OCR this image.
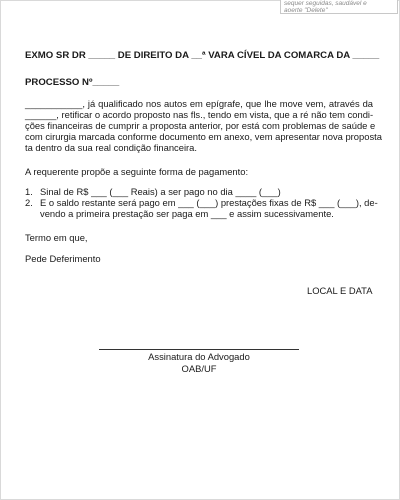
sequer seguidas, saudável e
aoerte "Delete"
EXMO SR DR _____ DE DIREITO DA __ª VARA CÍVEL DA COMARCA DA _____
PROCESSO Nº_____
___________, já qualificado nos autos em epígrafe, que lhe move vem, através da
______, retificar o acordo proposto nas fls., tendo em vista, que a ré não tem condi-
ções financeiras de cumprir a proposta anterior, por está com problemas de saúde e
com cirurgia marcada conforme documento em anexo, vem apresentar nova proposta
ta dentro da sua real condição financeira.
A requerente propõe a seguinte forma de pagamento:
1. Sinal de R$ ___ (___ Reais) a ser pago no dia ____ (___)
2. E o saldo restante será pago em ___ (___) prestações fixas de R$ ___ (___), de-
vendo a primeira prestação ser paga em ___ e assim sucessivamente.
Termo em que,
Pede Deferimento
LOCAL E DATA
Assinatura do Advogado
OAB/UF
